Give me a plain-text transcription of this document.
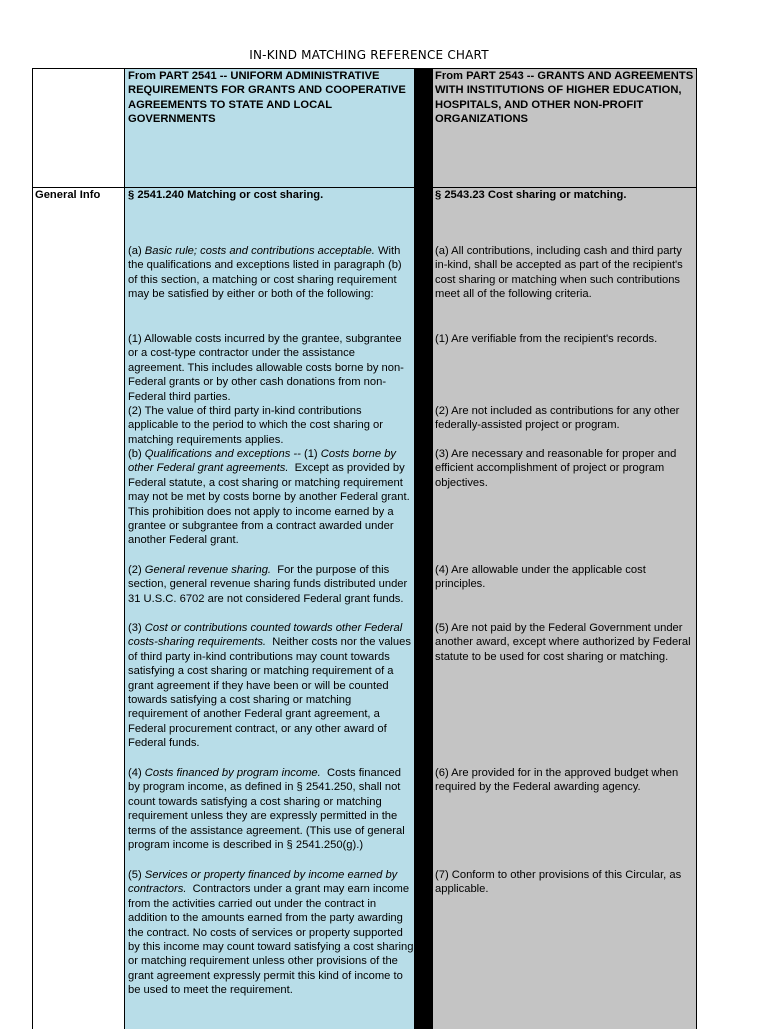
IN-KIND MATCHING REFERENCE CHART
From PART 2541 -- UNIFORM ADMINISTRATIVE REQUIREMENTS FOR GRANTS AND COOPERATIVE AGREEMENTS TO STATE AND LOCAL GOVERNMENTS
From PART 2543 -- GRANTS AND AGREEMENTS WITH INSTITUTIONS OF HIGHER EDUCATION, HOSPITALS, AND OTHER NON-PROFIT ORGANIZATIONS
General Info	§ 2541.240 Matching or cost sharing.	§ 2543.23 Cost sharing or matching.
(a) Basic rule; costs and contributions acceptable. With the qualifications and exceptions listed in paragraph (b) of this section, a matching or cost sharing requirement may be satisfied by either or both of the following:
(1) Allowable costs incurred by the grantee, subgrantee or a cost-type contractor under the assistance agreement. This includes allowable costs borne by non-Federal grants or by other cash donations from non-Federal third parties.
(2) The value of third party in-kind contributions applicable to the period to which the cost sharing or matching requirements applies.
(b) Qualifications and exceptions -- (1) Costs borne by other Federal grant agreements. Except as provided by Federal statute, a cost sharing or matching requirement may not be met by costs borne by another Federal grant. This prohibition does not apply to income earned by a grantee or subgrantee from a contract awarded under another Federal grant.
(2) General revenue sharing. For the purpose of this section, general revenue sharing funds distributed under 31 U.S.C. 6702 are not considered Federal grant funds.
(3) Cost or contributions counted towards other Federal costs-sharing requirements. Neither costs nor the values of third party in-kind contributions may count towards satisfying a cost sharing or matching requirement of a grant agreement if they have been or will be counted towards satisfying a cost sharing or matching requirement of another Federal grant agreement, a Federal procurement contract, or any other award of Federal funds.
(4) Costs financed by program income. Costs financed by program income, as defined in § 2541.250, shall not count towards satisfying a cost sharing or matching requirement unless they are expressly permitted in the terms of the assistance agreement. (This use of general program income is described in § 2541.250(g).)
(5) Services or property financed by income earned by contractors. Contractors under a grant may earn income from the activities carried out under the contract in addition to the amounts earned from the party awarding the contract. No costs of services or property supported by this income may count toward satisfying a cost sharing or matching requirement unless other provisions of the grant agreement expressly permit this kind of income to be used to meet the requirement.
(a) All contributions, including cash and third party in-kind, shall be accepted as part of the recipient's cost sharing or matching when such contributions meet all of the following criteria.
(1) Are verifiable from the recipient's records.
(2) Are not included as contributions for any other federally-assisted project or program.
(3) Are necessary and reasonable for proper and efficient accomplishment of project or program objectives.
(4) Are allowable under the applicable cost principles.
(5) Are not paid by the Federal Government under another award, except where authorized by Federal statute to be used for cost sharing or matching.
(6) Are provided for in the approved budget when required by the Federal awarding agency.
(7) Conform to other provisions of this Circular, as applicable.
